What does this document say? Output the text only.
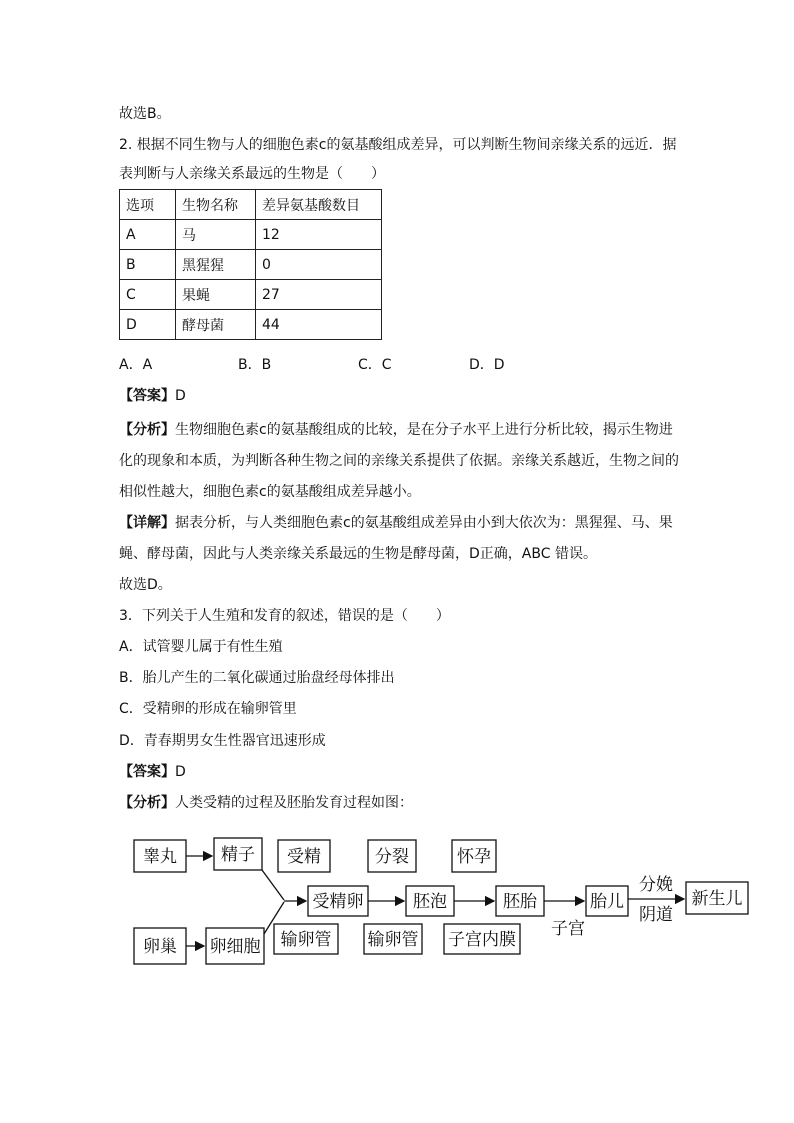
故选B。
2. 根据不同生物与人的细胞色素c的氨基酸组成差异，可以判断生物间亲缘关系的远近．据
表判断与人亲缘关系最远的生物是（　　）
选项	生物名称	差异氨基酸数目
A	马	12
B	黑猩猩	0
C	果蝇	27
D	酵母菌	44
A．A	B．B	C．C	D．D
【答案】D
【分析】生物细胞色素c的氨基酸组成的比较，是在分子水平上进行分析比较，揭示生物进
化的现象和本质，为判断各种生物之间的亲缘关系提供了依据。亲缘关系越近，生物之间的
相似性越大，细胞色素c的氨基酸组成差异越小。
【详解】据表分析，与人类细胞色素c的氨基酸组成差异由小到大依次为：黑猩猩、马、果
蝇、酵母菌，因此与人类亲缘关系最远的生物是酵母菌，D正确，ABC 错误。
故选D。
3．下列关于人生殖和发育的叙述，错误的是（　　）
A．试管婴儿属于有性生殖
B．胎儿产生的二氧化碳通过胎盘经母体排出
C．受精卵的形成在输卵管里
D．青春期男女生性器官迅速形成
【答案】D
【分析】人类受精的过程及胚胎发育过程如图：
睾丸	精子 受精	分裂	怀孕
受精卵	胚泡	胚胎	胎儿
分娩
阴道
新生儿
卵巢 卵细胞 输卵管 输卵管 子宫内膜
子宫
